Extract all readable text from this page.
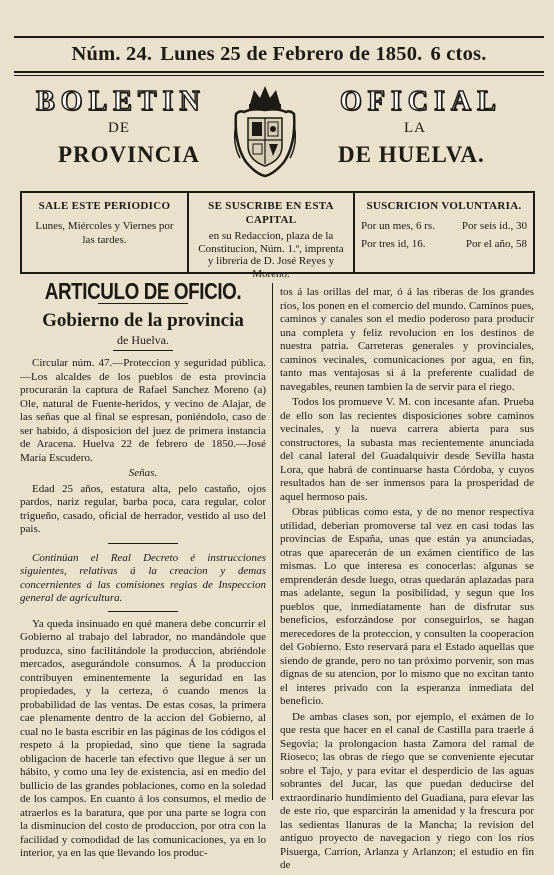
Núm. 24. Lunes 25 de Febrero de 1850. 6 ctos.
BOLETIN
DE
PROVINCIA
OFICIAL
LA
DE HUELVA.
SALE ESTE PERIODICO
Lunes, Miércoles y Viernes por las tardes.
SE SUSCRIBE EN ESTA CAPITAL
en su Redaccion, plaza de la Constitucion, Núm. 1.º, imprenta y libreria de D. José Reyes y Moreno.
SUSCRICION VOLUNTARIA.
Por un mes, 6 rs. Por seis id., 30
Por tres id, 16.	Por el año, 58
ARTICULO DE OFICIO.
Gobierno de la provincia
de Huelva.

Circular núm. 47.—Proteccion y seguridad pública.—Los alcaldes de los pueblos de esta provincia procurarán la captura de Rafael Sanchez Moreno (a) Ole, natural de Fuente-heridos, y vecino de Alajar, de las señas que al final se espresan, poniéndolo, caso de ser habido, á disposicion del juez de primera instancia de Aracena. Huelva 22 de febrero de 1850.—José María Escudero.

Señas.

Edad 25 años, estatura alta, pelo castaño, ojos pardos, nariz regular, barba poca, cara regular, color trigueño, casado, oficial de herrador, vestido al uso del pais.

Continúan el Real Decreto é instrucciones siguientes, relativas á la creacion y demas concernientes á las comisiones regias de Inspeccion general de agricultura.

Ya queda insinuado en qué manera debe concurrir el Gobierno al trabajo del labrador, no mandándole que produzca, sino facilitándole la produccion, abriéndole mercados, asegurándole consumos. Á la produccion contribuyen eminentemente la seguridad en las propiedades, y la certeza, ó cuando menos la probabilidad de las ventas. De estas cosas, la primera cae plenamente dentro de la accion del Gobierno, al cual no le basta escribir en las páginas de los códigos el respeto á la propiedad, sino que tiene la sagrada obligacion de hacerle tan efectivo que llegue á ser un hábito, y como una ley de existencia, así en medio del bullicio de las grandes poblaciones, como en la soledad de los campos. En cuanto á los consumos, el medio de atraerlos es la baratura, que por una parte se logra con la disminucion del costo de produccion, por otra con la facilidad y comodidad de las comunicaciones, ya en lo interior, ya en las que llevando los produc-

tos á las orillas del mar, ó á las riberas de los grandes ríos, los ponen en el comercio del mundo. Caminos pues, caminos y canales son el medio poderoso para producir una completa y feliz revolucion en los destinos de nuestra patria. Carreteras generales y provinciales, caminos vecinales, comunicaciones por agua, en fin, tanto mas ventajosas si á la preferente cualidad de navegables, reunen tambien la de servir para el riego.

Todos los promueve V. M. con incesante afan. Prueba de ello son las recientes disposiciones sobre caminos vecinales, y la nueva carrera abierta para sus constructores, la subasta mas recientemente anunciada del canal lateral del Guadalquivir desde Sevilla hasta Lora, que habrá de continuarse hasta Córdoba, y cuyos resultados han de ser inmensos para la prosperidad de aquel hermoso pais.

Obras públicas como esta, y de no menor respectiva utilidad, deberian promoverse tal vez en casi todas las provincias de España, unas que están ya anunciadas, otras que aparecerán de un exámen científico de las mismas. Lo que interesa es conocerlas: algunas se emprenderán desde luego, otras quedarán aplazadas para mas adelante, segun la posibilidad, y segun que los pueblos que, inmediatamente han de disfrutar sus beneficios, esforzándose por conseguirlos, se hagan merecedores de la proteccion, y consulten la cooperacion del Gobierno. Esto reservará para el Estado aquellas que siendo de grande, pero no tan próximo porvenir, son mas dignas de su atencion, por lo mismo que no excitan tanto el interes privado con la esperanza inmediata del beneficio.

De ambas clases son, por ejemplo, el exámen de lo que resta que hacer en el canal de Castilla para traerle á Segovia; la prolongacion hasta Zamora del ramal de Rioseco; las obras de riego que se conveniente ejecutar sobre el Tajo, y para evitar el desperdicio de las aguas sobrantes del Jucar, las que puedan deducirse del extraordinario hundimiento del Guadiana, para elevar las de este rio, que esparcirán la amenidad y la frescura por las sedientas llanuras de la Mancha; la revision del antiguo proyecto de navegacion y riego con los ríos Pisuerga, Carrion, Arlanza y Arlanzon; el estudio en fin de
